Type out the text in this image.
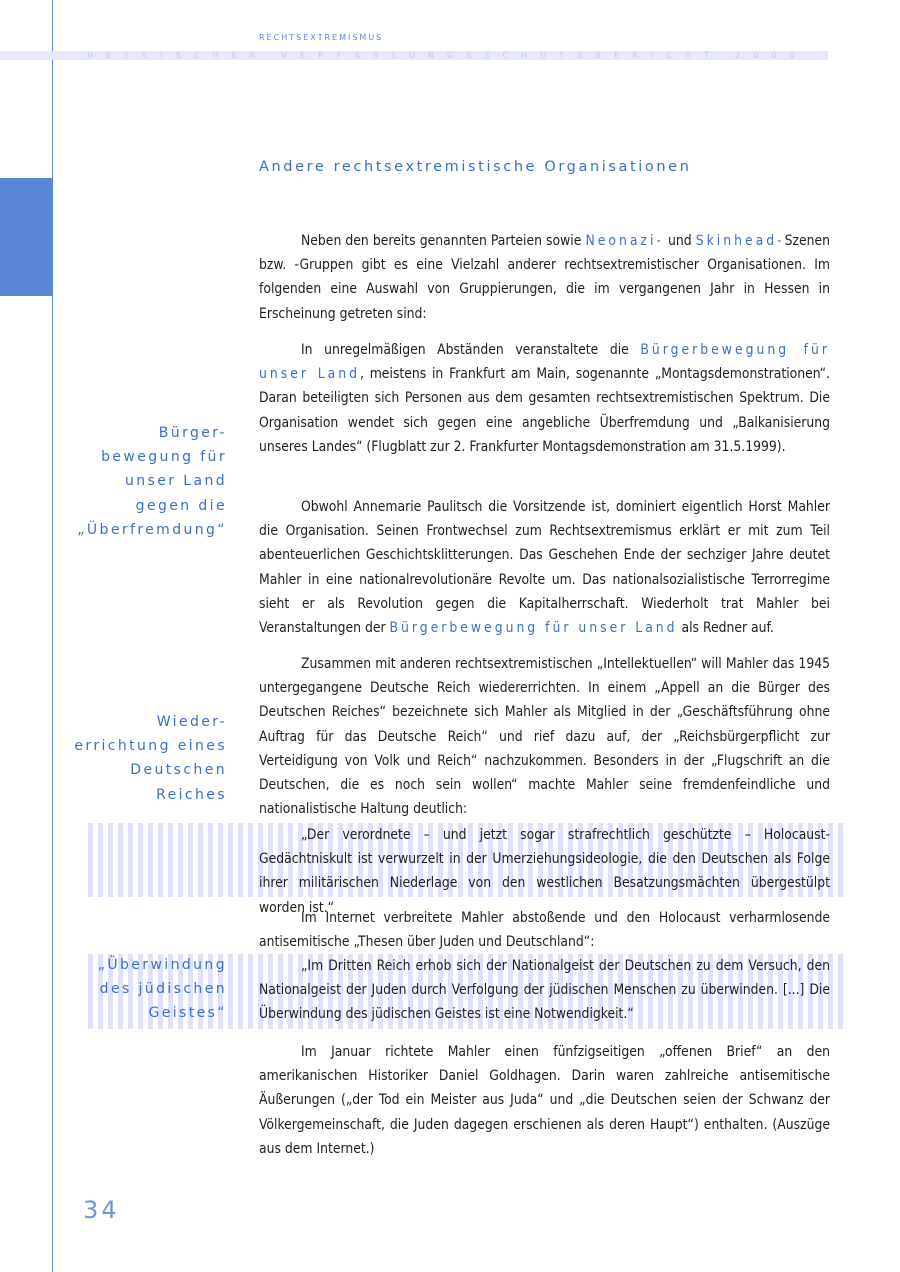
RECHTSEXTREMISMUS
H E S S I S C H E R	V E R F A S S U N G S S C H U T Z B E R I C H T	2 0 0 0
Andere rechtsextremistische Organisationen

Neben den bereits genannten Parteien sowie Neonazi- und Skinhead-Szenen bzw. -Gruppen gibt es eine Vielzahl anderer rechtsextremistischer Organisationen. Im folgenden eine Auswahl von Gruppierungen, die im vergangenen Jahr in Hessen in Erscheinung getreten sind:

In unregelmäßigen Abständen veranstaltete die Bürgerbewegung für unser Land, meistens in Frankfurt am Main, sogenannte „Montagsdemonstrationen“. Daran beteiligten sich Personen aus dem gesamten rechtsextremistischen Spektrum. Die Organisation wendet sich gegen eine angebliche Überfremdung und „Balkanisierung unseres Landes“ (Flugblatt zur 2. Frankfurter Montagsdemonstration am 31.5.1999).

Obwohl Annemarie Paulitsch die Vorsitzende ist, dominiert eigentlich Horst Mahler die Organisation. Seinen Frontwechsel zum Rechtsextremismus erklärt er mit zum Teil abenteuerlichen Geschichtsklitterungen. Das Geschehen Ende der sechziger Jahre deutet Mahler in eine nationalrevolutionäre Revolte um. Das nationalsozialistische Terrorregime sieht er als Revolution gegen die Kapitalherrschaft. Wiederholt trat Mahler bei Veranstaltungen der Bürgerbewegung für unser Land als Redner auf.

Zusammen mit anderen rechtsextremistischen „Intellektuellen“ will Mahler das 1945 untergegangene Deutsche Reich wiedererrichten. In einem „Appell an die Bürger des Deutschen Reiches“ bezeichnete sich Mahler als Mitglied in der „Geschäftsführung ohne Auftrag für das Deutsche Reich“ und rief dazu auf, der „Reichsbürgerpflicht zur Verteidigung von Volk und Reich“ nachzukommen. Besonders in der „Flugschrift an die Deutschen, die es noch sein wollen“ machte Mahler seine fremdenfeindliche und nationalistische Haltung deutlich:

„Der verordnete – und jetzt sogar strafrechtlich geschützte – Holocaust-Gedächtniskult ist verwurzelt in der Umerziehungsideologie, die den Deutschen als Folge ihrer militärischen Niederlage von den westlichen Besatzungsmächten übergestülpt worden ist.“

Im Internet verbreitete Mahler abstoßende und den Holocaust verharmlosende antisemitische „Thesen über Juden und Deutschland“:

„Im Dritten Reich erhob sich der Nationalgeist der Deutschen zu dem Versuch, den Nationalgeist der Juden durch Verfolgung der jüdischen Menschen zu überwinden. [...] Die Überwindung des jüdischen Geistes ist eine Notwendigkeit.“

Im Januar richtete Mahler einen fünfzigseitigen „offenen Brief“ an den amerikanischen Historiker Daniel Goldhagen. Darin waren zahlreiche antisemitische Äußerungen („der Tod ein Meister aus Juda“ und „die Deutschen seien der Schwanz der Völkergemeinschaft, die Juden dagegen erschienen als deren Haupt“) enthalten. (Auszüge aus dem Internet.)

Bürger-
bewegung für
unser Land
gegen die
„Überfremdung“
Wieder-
errichtung eines
Deutschen
Reiches
„Überwindung
des jüdischen
Geistes“
34
